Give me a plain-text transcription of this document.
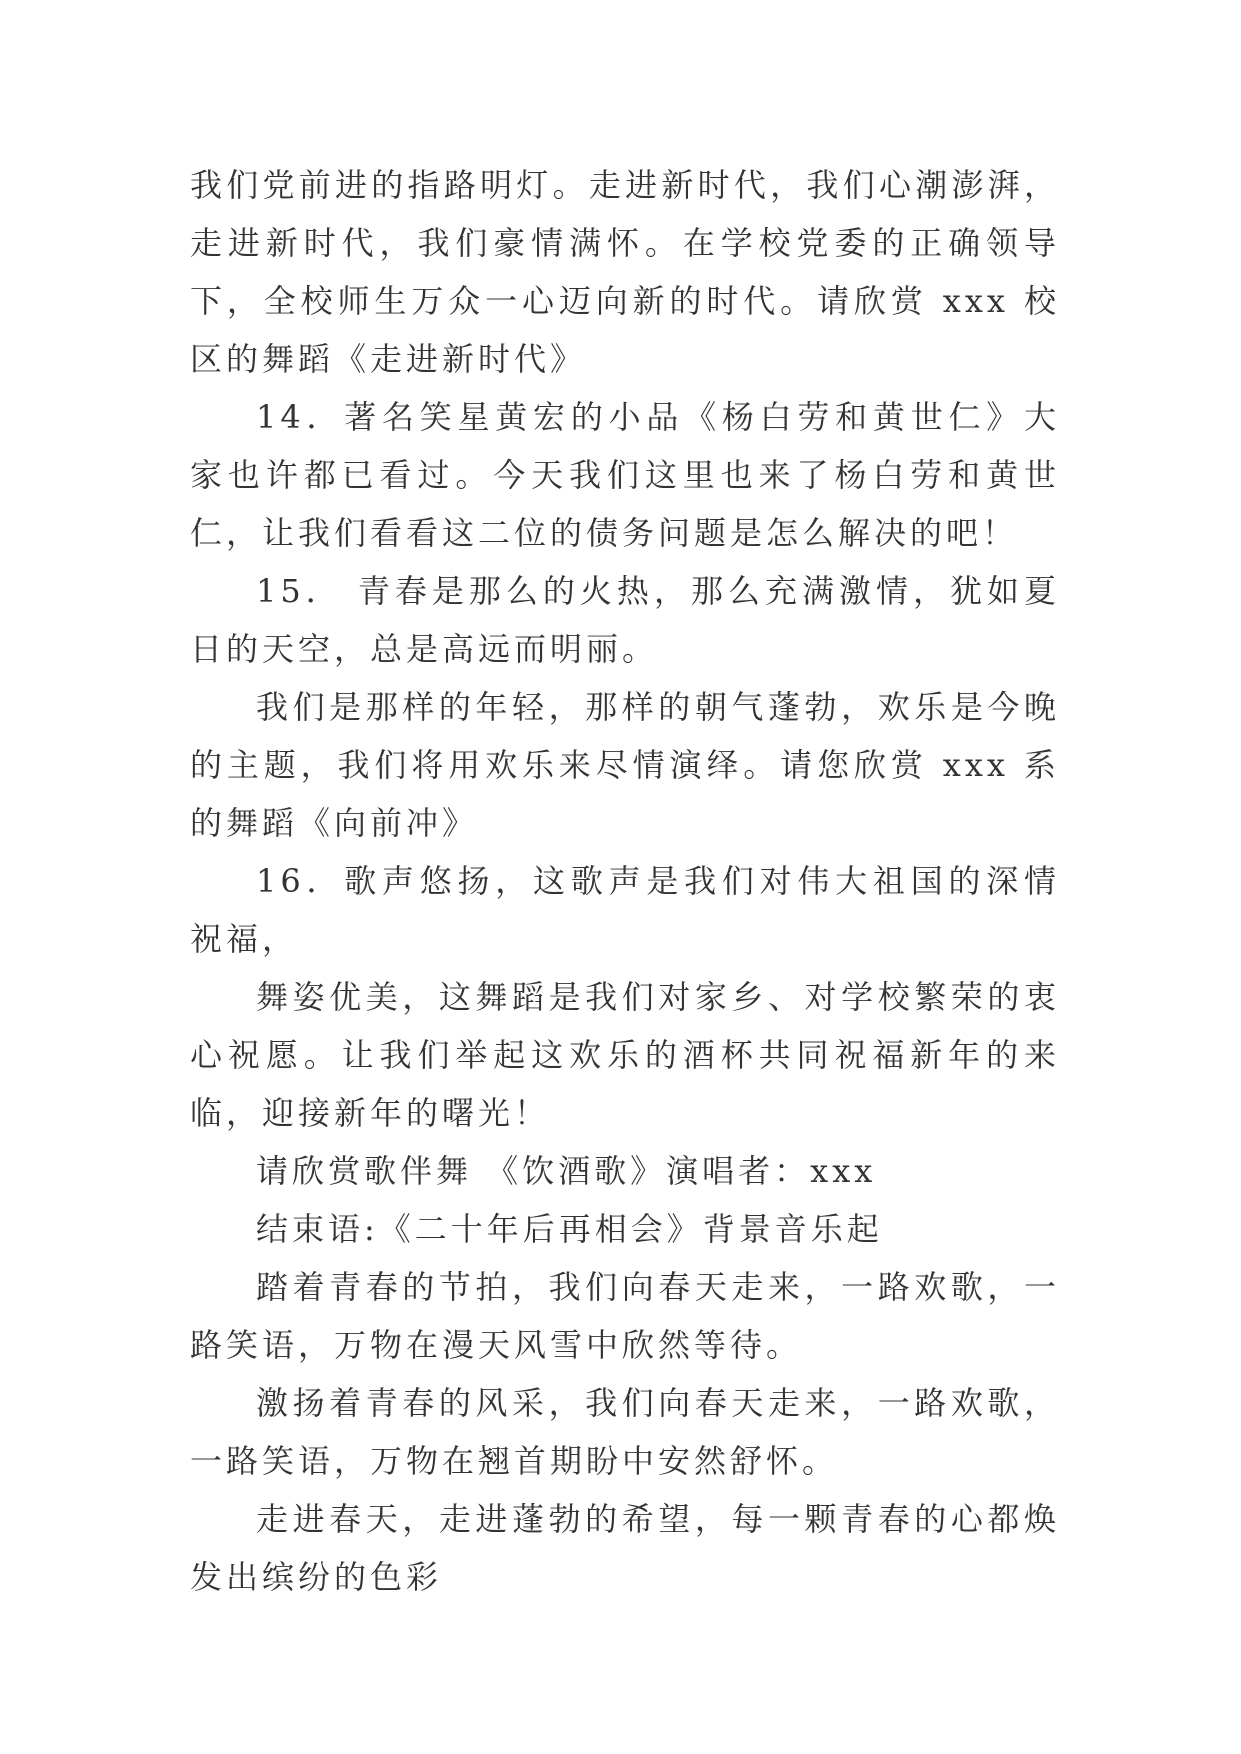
我们党前进的指路明灯。走进新时代，我们心潮澎湃，走进新时代，我们豪情满怀。在学校党委的正确领导下，全校师生万众一心迈向新的时代。请欣赏 xxx 校区的舞蹈《走进新时代》

14．著名笑星黄宏的小品《杨白劳和黄世仁》大家也许都已看过。今天我们这里也来了杨白劳和黄世仁，让我们看看这二位的债务问题是怎么解决的吧！

15． 青春是那么的火热，那么充满激情，犹如夏日的天空，总是高远而明丽。

我们是那样的年轻，那样的朝气蓬勃，欢乐是今晚的主题，我们将用欢乐来尽情演绎。请您欣赏 xxx 系的舞蹈《向前冲》

16．歌声悠扬，这歌声是我们对伟大祖国的深情祝福，

舞姿优美，这舞蹈是我们对家乡、对学校繁荣的衷心祝愿。让我们举起这欢乐的酒杯共同祝福新年的来临，迎接新年的曙光！

请欣赏歌伴舞 《饮酒歌》演唱者：xxx

结束语:《二十年后再相会》背景音乐起

踏着青春的节拍，我们向春天走来，一路欢歌，一路笑语，万物在漫天风雪中欣然等待。

激扬着青春的风采，我们向春天走来，一路欢歌，一路笑语，万物在翘首期盼中安然舒怀。

走进春天，走进蓬勃的希望，每一颗青春的心都焕发出缤纷的色彩
